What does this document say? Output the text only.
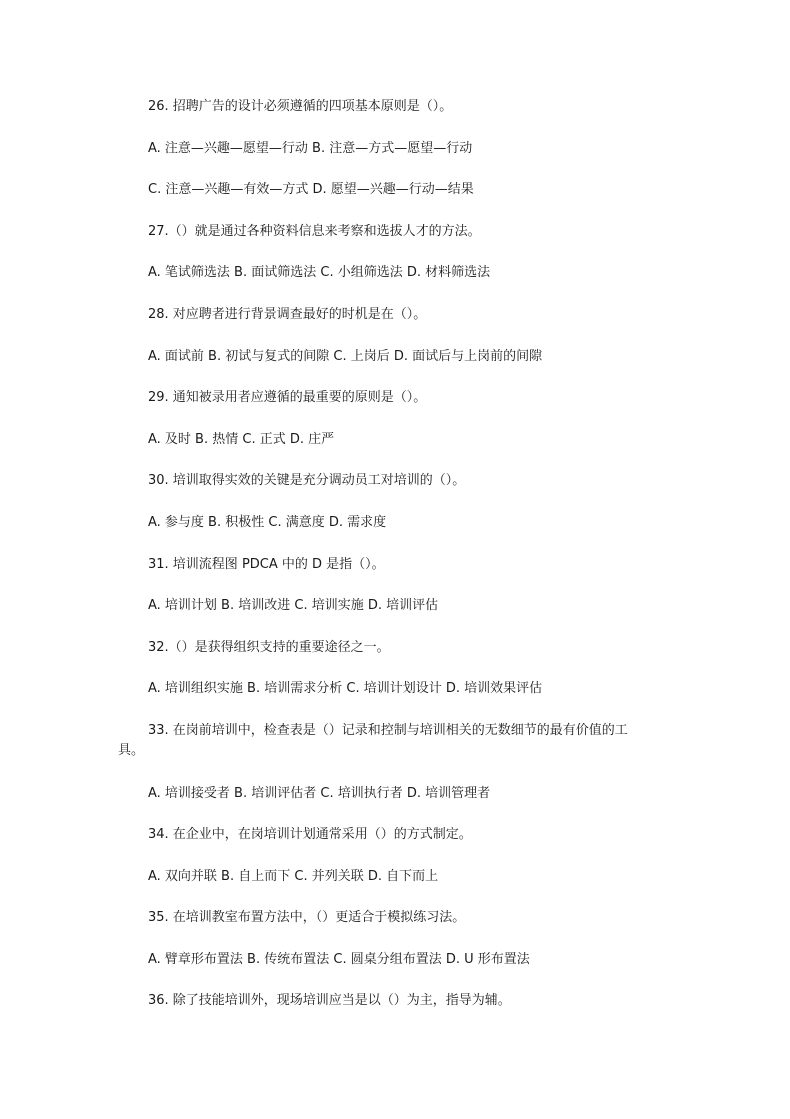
26. 招聘广告的设计必须遵循的四项基本原则是（）。
A. 注意—兴趣—愿望—行动 B. 注意—方式—愿望—行动
C. 注意—兴趣—有效—方式 D. 愿望—兴趣—行动—结果
27.（）就是通过各种资料信息来考察和选拔人才的方法。
A. 笔试筛选法 B. 面试筛选法 C. 小组筛选法 D. 材料筛选法
28. 对应聘者进行背景调查最好的时机是在（）。
A. 面试前 B. 初试与复式的间隙 C. 上岗后 D. 面试后与上岗前的间隙
29. 通知被录用者应遵循的最重要的原则是（）。
A. 及时 B. 热情 C. 正式 D. 庄严
30. 培训取得实效的关键是充分调动员工对培训的（）。
A. 参与度 B. 积极性 C. 满意度 D. 需求度
31. 培训流程图 PDCA 中的 D 是指（）。
A. 培训计划 B. 培训改进 C. 培训实施 D. 培训评估
32.（）是获得组织支持的重要途径之一。
A. 培训组织实施 B. 培训需求分析 C. 培训计划设计 D. 培训效果评估
33. 在岗前培训中，检查表是（）记录和控制与培训相关的无数细节的最有价值的工
具。
A. 培训接受者 B. 培训评估者 C. 培训执行者 D. 培训管理者
34. 在企业中，在岗培训计划通常采用（）的方式制定。
A. 双向并联 B. 自上而下 C. 并列关联 D. 自下而上
35. 在培训教室布置方法中，（）更适合于模拟练习法。
A. 臂章形布置法 B. 传统布置法 C. 圆桌分组布置法 D. U 形布置法
36. 除了技能培训外，现场培训应当是以（）为主，指导为辅。
